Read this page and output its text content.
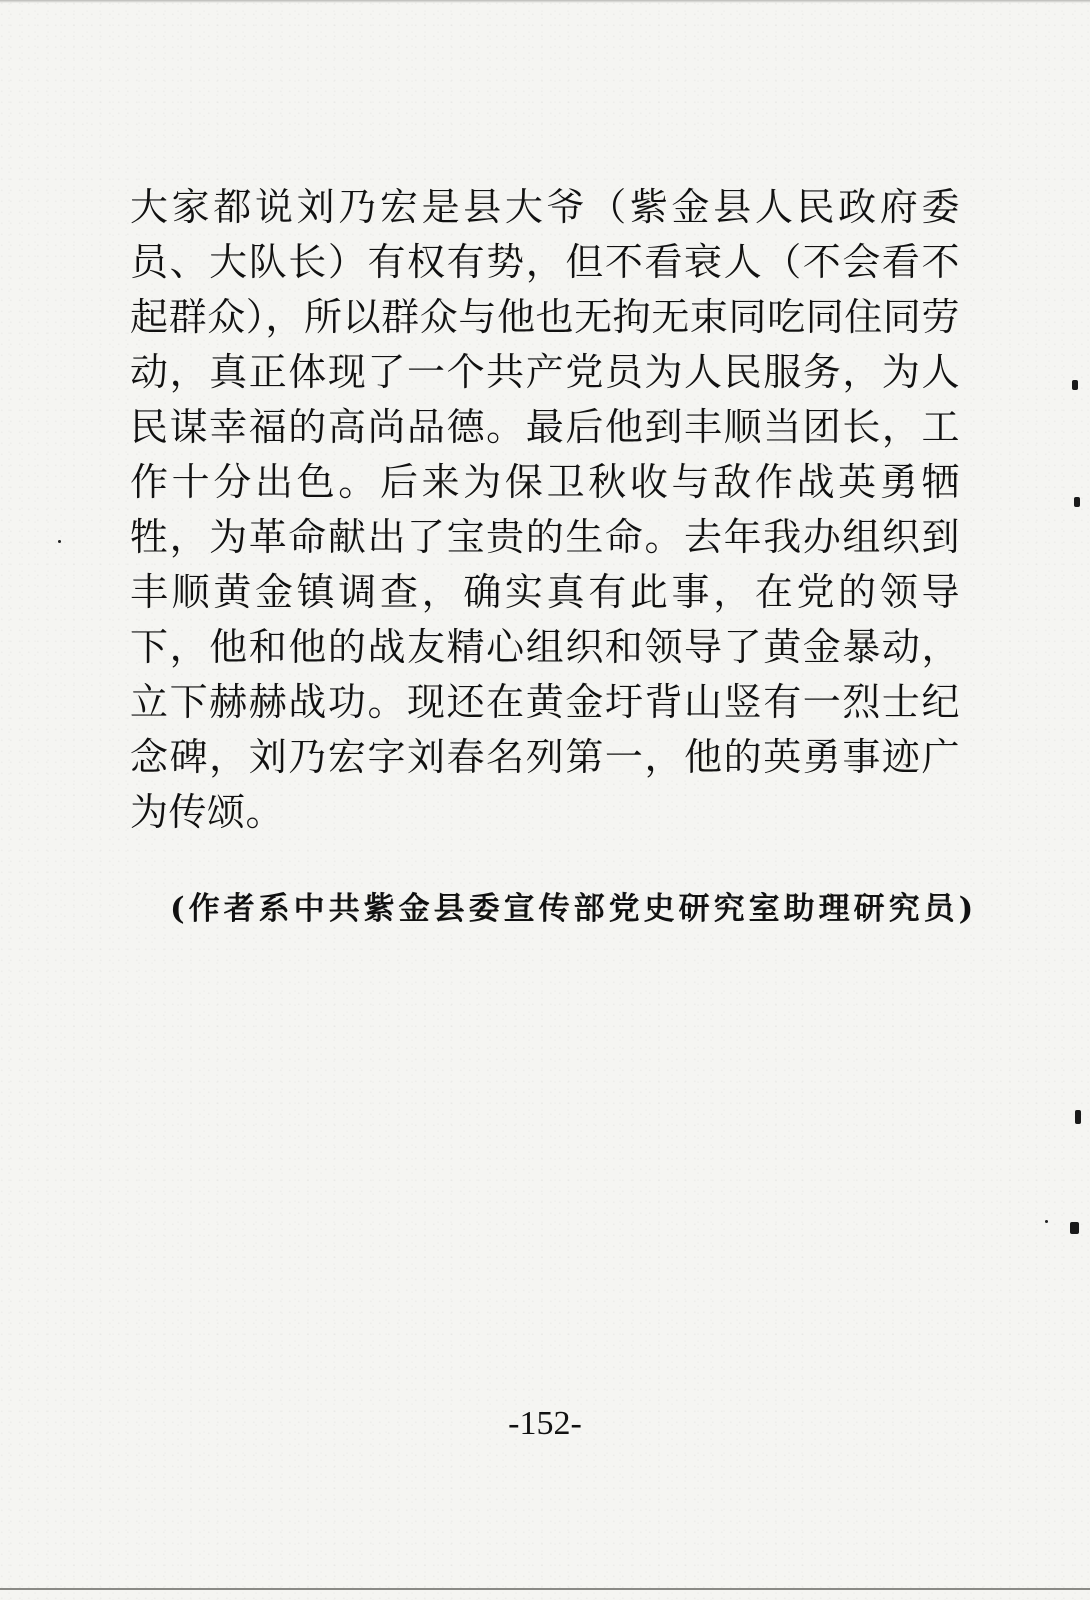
大家都说刘乃宏是县大爷（紫金县人民政府委
员、大队长）有权有势，但不看衰人（不会看不
起群众），所以群众与他也无拘无束同吃同住同劳
动，真正体现了一个共产党员为人民服务，为人
民谋幸福的高尚品德。最后他到丰顺当团长，工
作十分出色。后来为保卫秋收与敌作战英勇牺
牲，为革命献出了宝贵的生命。去年我办组织到
丰顺黄金镇调查，确实真有此事，在党的领导
下，他和他的战友精心组织和领导了黄金暴动，
立下赫赫战功。现还在黄金圩背山竖有一烈士纪
念碑，刘乃宏字刘春名列第一，他的英勇事迹广
为传颂。

(作者系中共紫金县委宣传部党史研究室助理研究员)

-152-
